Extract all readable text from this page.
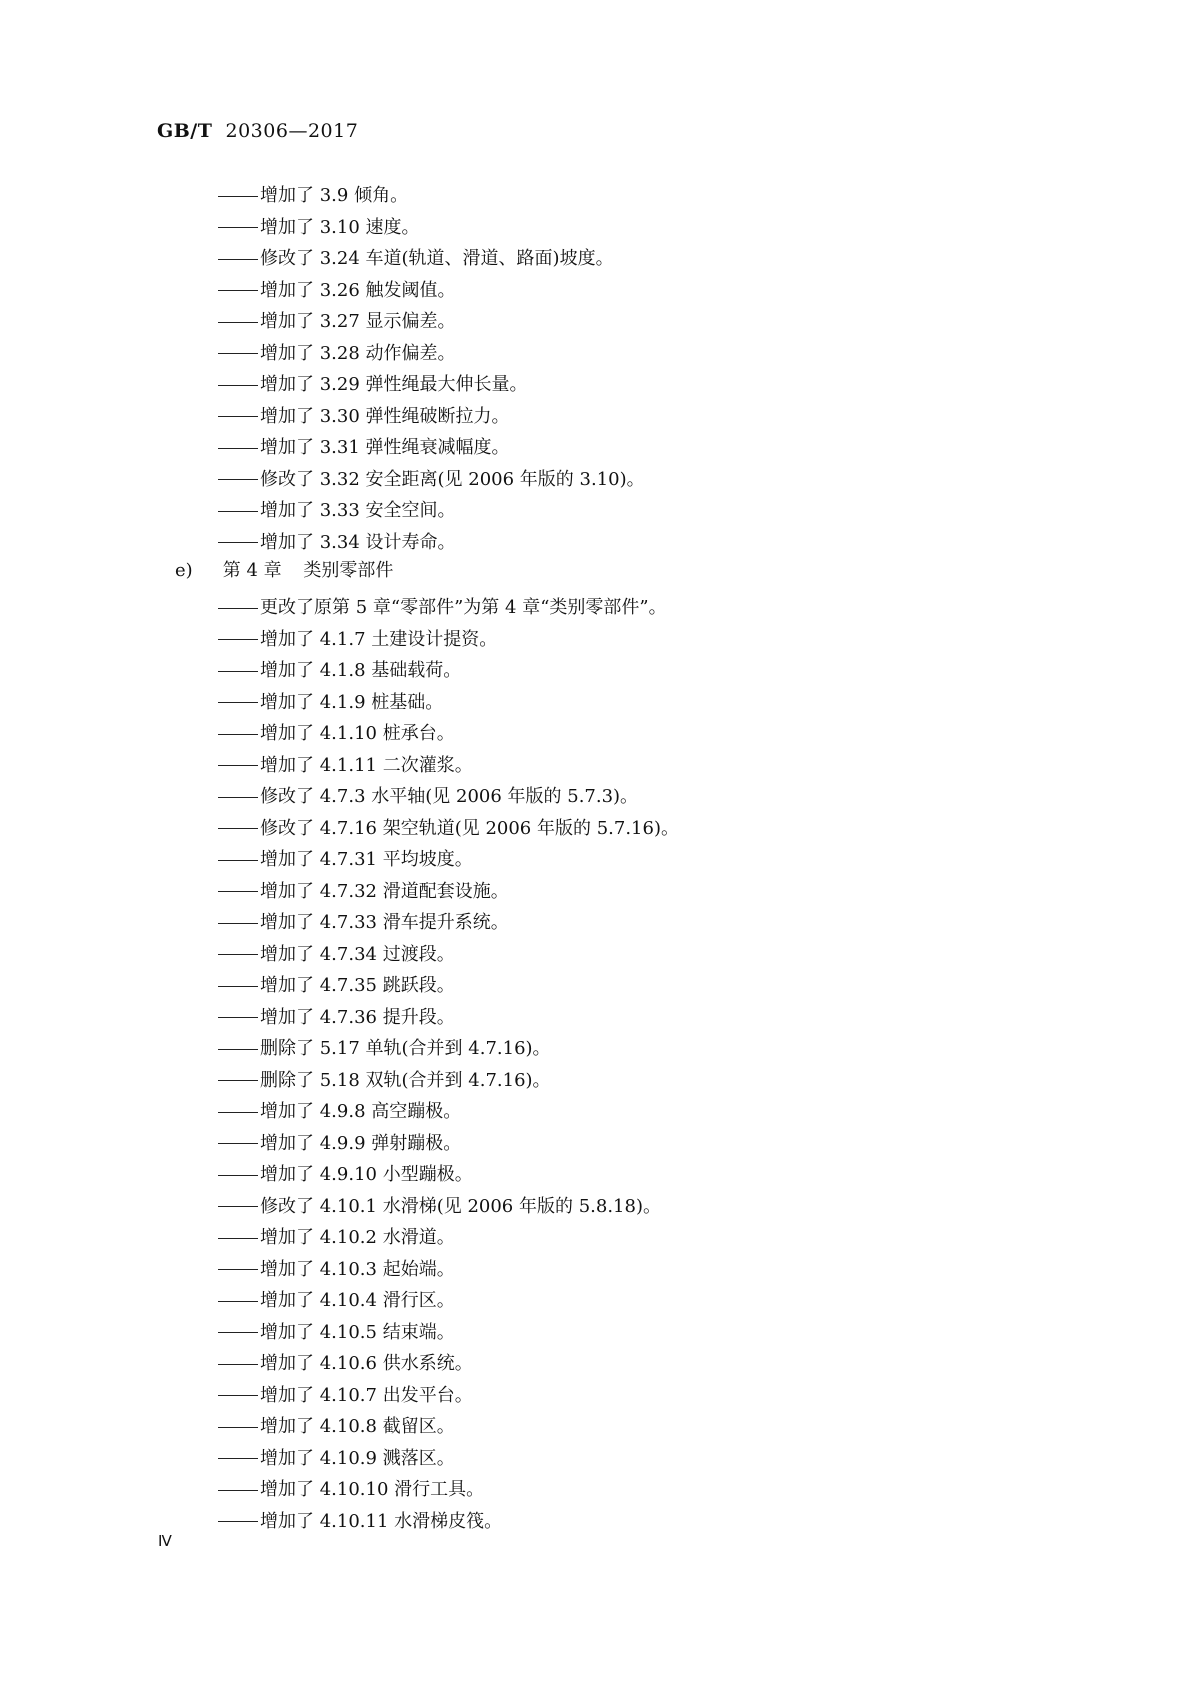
GB/T 20306—2017
增加了 3.9 倾角。
增加了 3.10 速度。
修改了 3.24 车道(轨道、滑道、路面)坡度。
增加了 3.26 触发阈值。
增加了 3.27 显示偏差。
增加了 3.28 动作偏差。
增加了 3.29 弹性绳最大伸长量。
增加了 3.30 弹性绳破断拉力。
增加了 3.31 弹性绳衰减幅度。
修改了 3.32 安全距离(见 2006 年版的 3.10)。
增加了 3.33 安全空间。
增加了 3.34 设计寿命。
e) 第 4 章 类别零部件
更改了原第 5 章“零部件”为第 4 章“类别零部件”。
增加了 4.1.7 土建设计提资。
增加了 4.1.8 基础载荷。
增加了 4.1.9 桩基础。
增加了 4.1.10 桩承台。
增加了 4.1.11 二次灌浆。
修改了 4.7.3 水平轴(见 2006 年版的 5.7.3)。
修改了 4.7.16 架空轨道(见 2006 年版的 5.7.16)。
增加了 4.7.31 平均坡度。
增加了 4.7.32 滑道配套设施。
增加了 4.7.33 滑车提升系统。
增加了 4.7.34 过渡段。
增加了 4.7.35 跳跃段。
增加了 4.7.36 提升段。
删除了 5.17 单轨(合并到 4.7.16)。
删除了 5.18 双轨(合并到 4.7.16)。
增加了 4.9.8 高空蹦极。
增加了 4.9.9 弹射蹦极。
增加了 4.9.10 小型蹦极。
修改了 4.10.1 水滑梯(见 2006 年版的 5.8.18)。
增加了 4.10.2 水滑道。
增加了 4.10.3 起始端。
增加了 4.10.4 滑行区。
增加了 4.10.5 结束端。
增加了 4.10.6 供水系统。
增加了 4.10.7 出发平台。
增加了 4.10.8 截留区。
增加了 4.10.9 溅落区。
增加了 4.10.10 滑行工具。
增加了 4.10.11 水滑梯皮筏。
Ⅳ
